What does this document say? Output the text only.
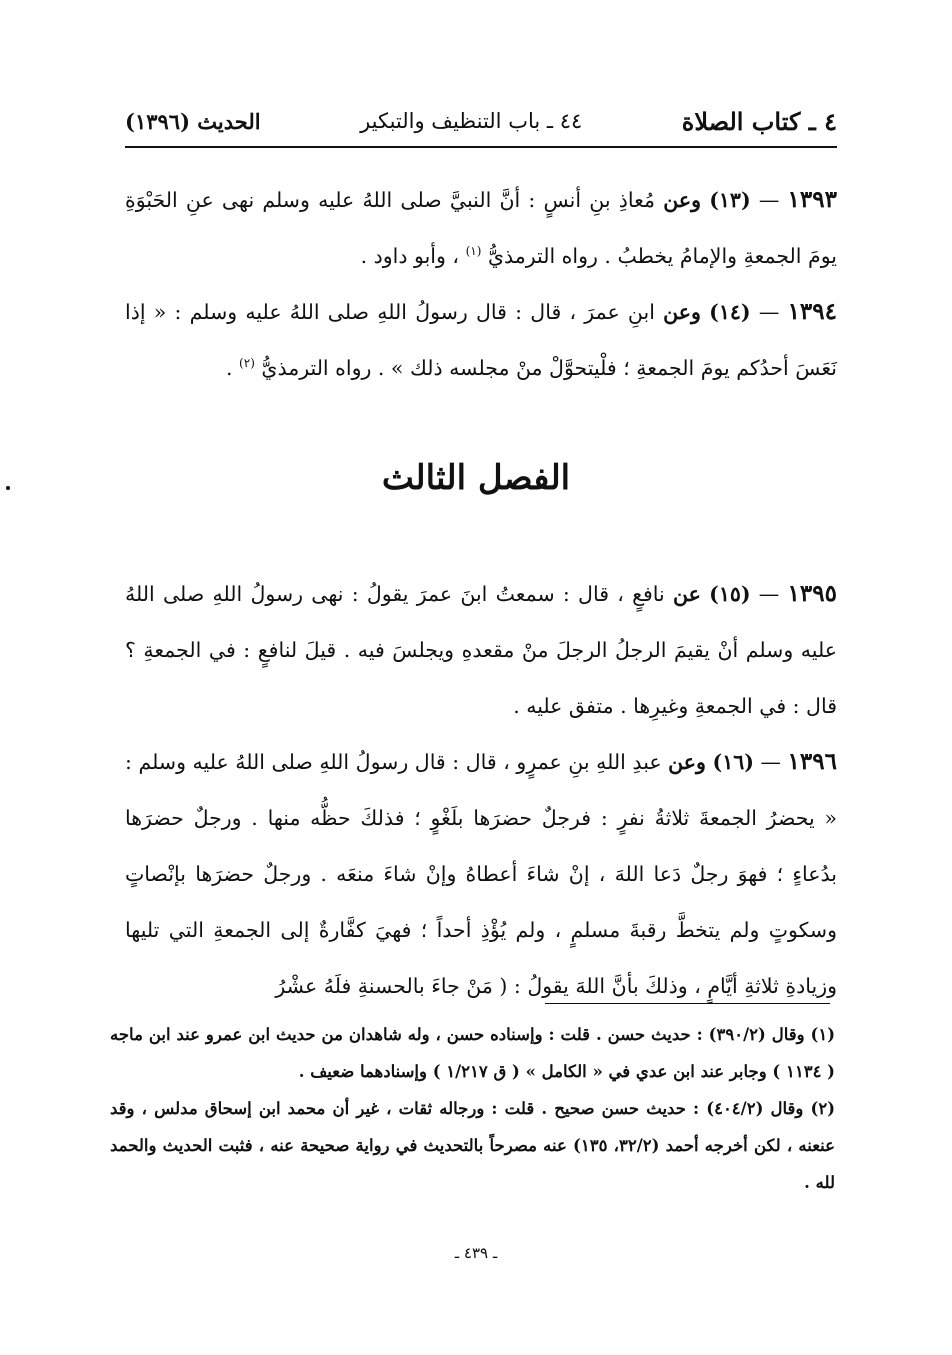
٤ ـ كتاب الصلاة
٤٤ ـ باب التنظيف والتبكير
الحديث (١٣٩٦)

١٣٩٣ — (١٣) وعن مُعاذِ بنِ أنسٍ : أنَّ النبيَّ صلى اللهُ عليه وسلم نهى عنِ الحَبْوَةِ يومَ الجمعةِ والإمامُ يخطبُ . رواه الترمذيُّ $^{(١)}$ ، وأبو داود .

١٣٩٤ — (١٤) وعن ابنِ عمرَ ، قال : قال رسولُ اللهِ صلى اللهُ عليه وسلم : « إذا نَعَسَ أحدُكم يومَ الجمعةِ ؛ فلْيتحوَّلْ منْ مجلسه ذلك » . رواه الترمذيُّ $^{(٢)}$ .

الفصل الثالث

١٣٩٥ — (١٥) عن نافعٍ ، قال : سمعتُ ابنَ عمرَ يقولُ : نهى رسولُ اللهِ صلى اللهُ عليه وسلم أنْ يقيمَ الرجلُ الرجلَ منْ مقعدهِ ويجلسَ فيه . قيلَ لنافعٍ : في الجمعةِ ؟ قال : في الجمعةِ وغيرِها . متفق عليه .

١٣٩٦ — (١٦) وعن عبدِ اللهِ بنِ عمرٍو ، قال : قال رسولُ اللهِ صلى اللهُ عليه وسلم : « يحضرُ الجمعةَ ثلاثةُ نفرٍ : فرجلٌ حضرَها بلَغْوٍ ؛ فذلكَ حظُّه منها . ورجلٌ حضرَها بدُعاءٍ ؛ فهوَ رجلٌ دَعا اللهَ ، إنْ شاءَ أعطاهُ وإنْ شاءَ منعَه . ورجلٌ حضرَها بإنْصاتٍ وسكوتٍ ولم يتخطَّ رقبةَ مسلمٍ ، ولم يُؤْذِ أحداً ؛ فهيَ كفَّارةٌ إلى الجمعةِ التي تليها وزيادةِ ثلاثةِ أيَّامٍ ، وذلكَ بأنَّ اللهَ يقولُ : ( مَنْ جاءَ بالحسنةِ فلَهُ عشْرُ

(١) وقال (٣٩٠/٢) : حديث حسن . قلت : وإسناده حسن ، وله شاهدان من حديث ابن عمرو عند ابن ماجه ( ١١٣٤ ) وجابر عند ابن عدي في « الكامل » ( ق ١/٢١٧ ) وإسنادهما ضعيف .

(٢) وقال (٤٠٤/٢) : حديث حسن صحيح . قلت : ورجاله ثقات ، غير أن محمد ابن إسحاق مدلس ، وقد عنعنه ، لكن أخرجه أحمد (٣٢/٢، ١٣٥) عنه مصرحاً بالتحديث في رواية صحيحة عنه ، فثبت الحديث والحمد لله .

ـ ٤٣٩ ـ
